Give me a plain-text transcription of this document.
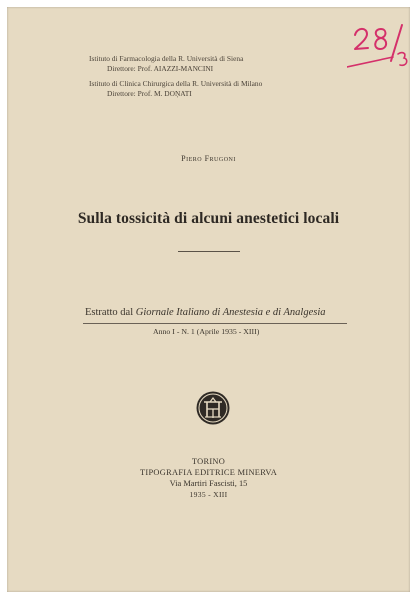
Istituto di Farmacologia della R. Università di Siena
Direttore: Prof. AIAZZI-MANCINI
Istituto di Clinica Chirurgica della R. Università di Milano
Direttore: Prof. M. DOŅATI
Piero Frugoni
Sulla tossicità di alcuni anestetici locali
Estratto dal Giornale Italiano di Anestesia e di Analgesia
Anno I - N. 1 (Aprile 1935 - XIII)
TORINO
TIPOGRAFIA EDITRICE MINERVA
Via Martiri Fascisti, 15
1935 - XIII
